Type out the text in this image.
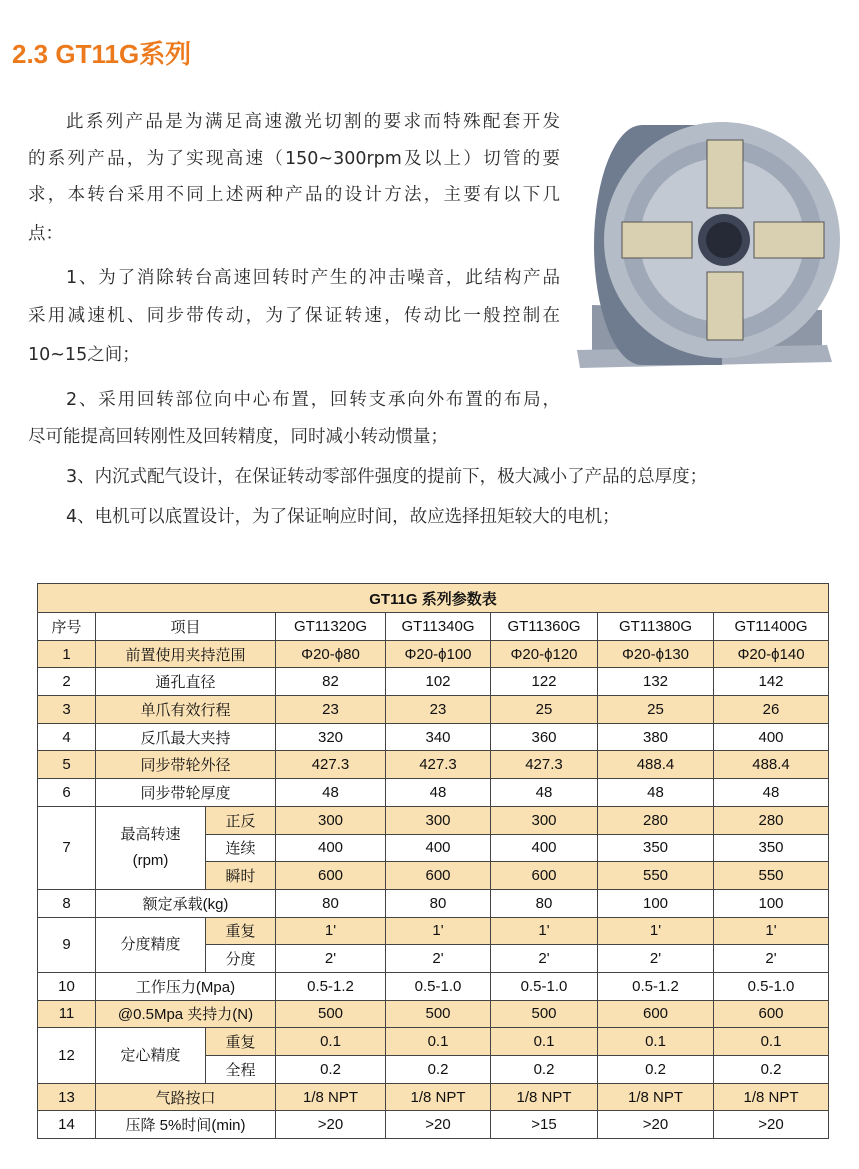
2.3 GT11G系列
此系列产品是为满足高速激光切割的要求而特殊配套开发
的系列产品，为了实现高速（150~300rpm及以上）切管的要
求，本转台采用不同上述两种产品的设计方法，主要有以下几
点：
1、为了消除转台高速回转时产生的冲击噪音，此结构产品
采用减速机、同步带传动，为了保证转速，传动比一般控制在
10~15之间；
2、采用回转部位向中心布置，回转支承向外布置的布局，
尽可能提高回转刚性及回转精度，同时减小转动惯量；
3、内沉式配气设计，在保证转动零部件强度的提前下，极大减小了产品的总厚度；
4、电机可以底置设计，为了保证响应时间，故应选择扭矩较大的电机；
GT11G 系列参数表							
序号	项目		GT11320G	GT11340G	GT11360G	GT11380G	GT11400G
1	前置使用夹持范围		Φ20-ϕ80	Φ20-ϕ100	Φ20-ϕ120	Φ20-ϕ130	Φ20-ϕ140
2	通孔直径		82	102	122	132	142
3	单爪有效行程		23	23	25	25	26
4	反爪最大夹持		320	340	360	380	400
5	同步带轮外径		427.3	427.3	427.3	488.4	488.4
6	同步带轮厚度		48	48	48	48	48
7	最高转速
(rpm)	正反	300	300	300	280	280
		连续	400	400	400	350	350
		瞬时	600	600	600	550	550
8	额定承载(kg)		80	80	80	100	100
9	分度精度	重复	1'	1'	1'	1'	1'
		分度	2'	2'	2'	2'	2'
10	工作压力(Mpa)		0.5-1.2	0.5-1.0	0.5-1.0	0.5-1.2	0.5-1.0
11	@0.5Mpa 夹持力(N)		500	500	500	600	600
12	定心精度	重复	0.1	0.1	0.1	0.1	0.1
		全程	0.2	0.2	0.2	0.2	0.2
13	气路按口		1/8 NPT	1/8 NPT	1/8 NPT	1/8 NPT	1/8 NPT
14	压降 5%时间(min)		>20	>20	>15	>20	>20
